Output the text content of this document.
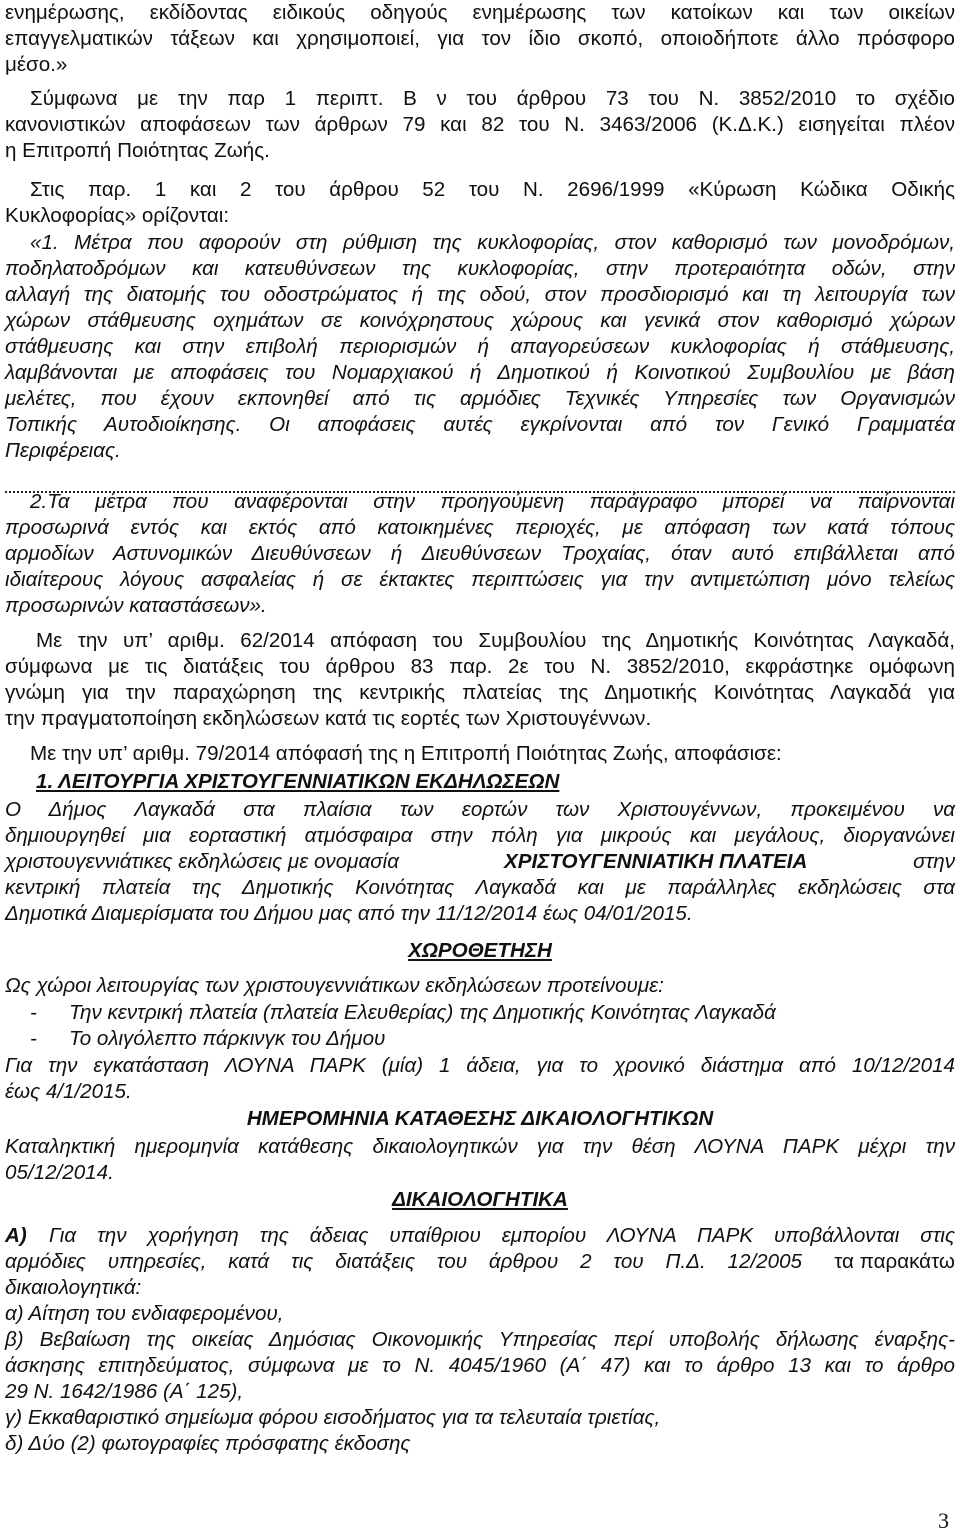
ενημέρωσης, εκδίδοντας ειδικούς οδηγούς ενημέρωσης των κατοίκων και των οικείων
επαγγελματικών τάξεων και χρησιμοποιεί, για τον ίδιο σκοπό, οποιοδήποτε άλλο πρόσφορο
μέσο.»
Σύμφωνα με την παρ 1 περιπτ. Β ν του άρθρου 73 του Ν. 3852/2010 το σχέδιο
κανονιστικών αποφάσεων των άρθρων 79 και 82 του Ν. 3463/2006 (Κ.Δ.Κ.) εισηγείται πλέον
η Επιτροπή Ποιότητας Ζωής.
Στις παρ. 1 και 2 του άρθρου 52 του Ν. 2696/1999 «Κύρωση Κώδικα Οδικής
Κυκλοφορίας» ορίζονται:
«1. Μέτρα που αφορούν στη ρύθμιση της κυκλοφορίας, στον καθορισμό των μονοδρόμων,
ποδηλατοδρόμων και κατευθύνσεων της κυκλοφορίας, στην προτεραιότητα οδών, στην
αλλαγή της διατομής του οδοστρώματος ή της οδού, στον προσδιορισμό και τη λειτουργία των
χώρων στάθμευσης οχημάτων σε κοινόχρηστους χώρους και γενικά στον καθορισμό χώρων
στάθμευσης και στην επιβολή περιορισμών ή απαγορεύσεων κυκλοφορίας ή στάθμευσης,
λαμβάνονται με αποφάσεις του Νομαρχιακού ή Δημοτικού ή Κοινοτικού Συμβουλίου με βάση
μελέτες, που έχουν εκπονηθεί από τις αρμόδιες Τεχνικές Υπηρεσίες των Οργανισμών
Τοπικής Αυτοδιοίκησης. Οι αποφάσεις αυτές εγκρίνονται από τον Γενικό Γραμματέα
Περιφέρειας.
2.Τα μέτρα που αναφέρονται στην προηγούμενη παράγραφο μπορεί να παίρνονται
προσωρινά εντός και εκτός από κατοικημένες περιοχές, με απόφαση των κατά τόπους
αρμοδίων Αστυνομικών Διευθύνσεων ή Διευθύνσεων Τροχαίας, όταν αυτό επιβάλλεται από
ιδιαίτερους λόγους ασφαλείας ή σε έκτακτες περιπτώσεις για την αντιμετώπιση μόνο τελείως
προσωρινών καταστάσεων».
Με την υπ’ αριθμ. 62/2014 απόφαση του Συμβουλίου της Δημοτικής Κοινότητας Λαγκαδά,
σύμφωνα με τις διατάξεις του άρθρου 83 παρ. 2ε του Ν. 3852/2010, εκφράστηκε ομόφωνη
γνώμη για την παραχώρηση της κεντρικής πλατείας της Δημοτικής Κοινότητας Λαγκαδά για
την πραγματοποίηση εκδηλώσεων κατά τις εορτές των Χριστουγέννων.
Με την υπ’ αριθμ. 79/2014 απόφασή της η Επιτροπή Ποιότητας Ζωής, αποφάσισε:
1. ΛΕΙΤΟΥΡΓΙΑ ΧΡΙΣΤΟΥΓΕΝΝΙΑΤΙΚΩΝ ΕΚΔΗΛΩΣΕΩΝ
Ο Δήμος Λαγκαδά στα πλαίσια των εορτών των Χριστουγέννων, προκειμένου να
δημιουργηθεί μια εορταστική ατμόσφαιρα στην πόλη για μικρούς και μεγάλους, διοργανώνει
χριστουγεννιάτικες εκδηλώσεις με ονομασία	ΧΡΙΣΤΟΥΓΕΝΝΙΑΤΙΚΗ ΠΛΑΤΕΙΑ	στην
κεντρική πλατεία της Δημοτικής Κοινότητας Λαγκαδά και με παράλληλες εκδηλώσεις στα
Δημοτικά Διαμερίσματα του Δήμου μας από την 11/12/2014 έως 04/01/2015.
ΧΩΡΟΘΕΤΗΣΗ
Ως χώροι λειτουργίας των χριστουγεννιάτικων εκδηλώσεων προτείνουμε:
-	Την κεντρική πλατεία (πλατεία Ελευθερίας) της Δημοτικής Κοινότητας Λαγκαδά
-	Το ολιγόλεπτο πάρκινγκ του Δήμου
Για την εγκατάσταση ΛΟΥΝΑ ΠΑΡΚ (μία) 1 άδεια, για το χρονικό διάστημα από 10/12/2014
έως 4/1/2015.
ΗΜΕΡΟΜΗΝΙΑ ΚΑΤΑΘΕΣΗΣ ΔΙΚΑΙΟΛΟΓΗΤΙΚΩΝ
Καταληκτική ημερομηνία κατάθεσης δικαιολογητικών για την θέση ΛΟΥΝΑ ΠΑΡΚ μέχρι την
05/12/2014.
ΔΙΚΑΙΟΛΟΓΗΤΙΚΑ
Α) Για την χορήγηση της άδειας υπαίθριου εμπορίου ΛΟΥΝΑ ΠΑΡΚ υποβάλλονται στις
αρμόδιες υπηρεσίες, κατά τις διατάξεις του άρθρου 2 του Π.Δ. 12/2005 τα παρακάτω
δικαιολογητικά:
α) Αίτηση του ενδιαφερομένου,
β) Βεβαίωση της οικείας Δημόσιας Οικονομικής Υπηρεσίας περί υποβολής δήλωσης έναρξης-
άσκησης επιτηδεύματος, σύμφωνα με το Ν. 4045/1960 (Α΄ 47) και το άρθρο 13 και το άρθρο
29 Ν. 1642/1986 (Α΄ 125),
γ) Εκκαθαριστικό σημείωμα φόρου εισοδήματος για τα τελευταία τριετίας,
δ) Δύο (2) φωτογραφίες πρόσφατης έκδοσης
3
